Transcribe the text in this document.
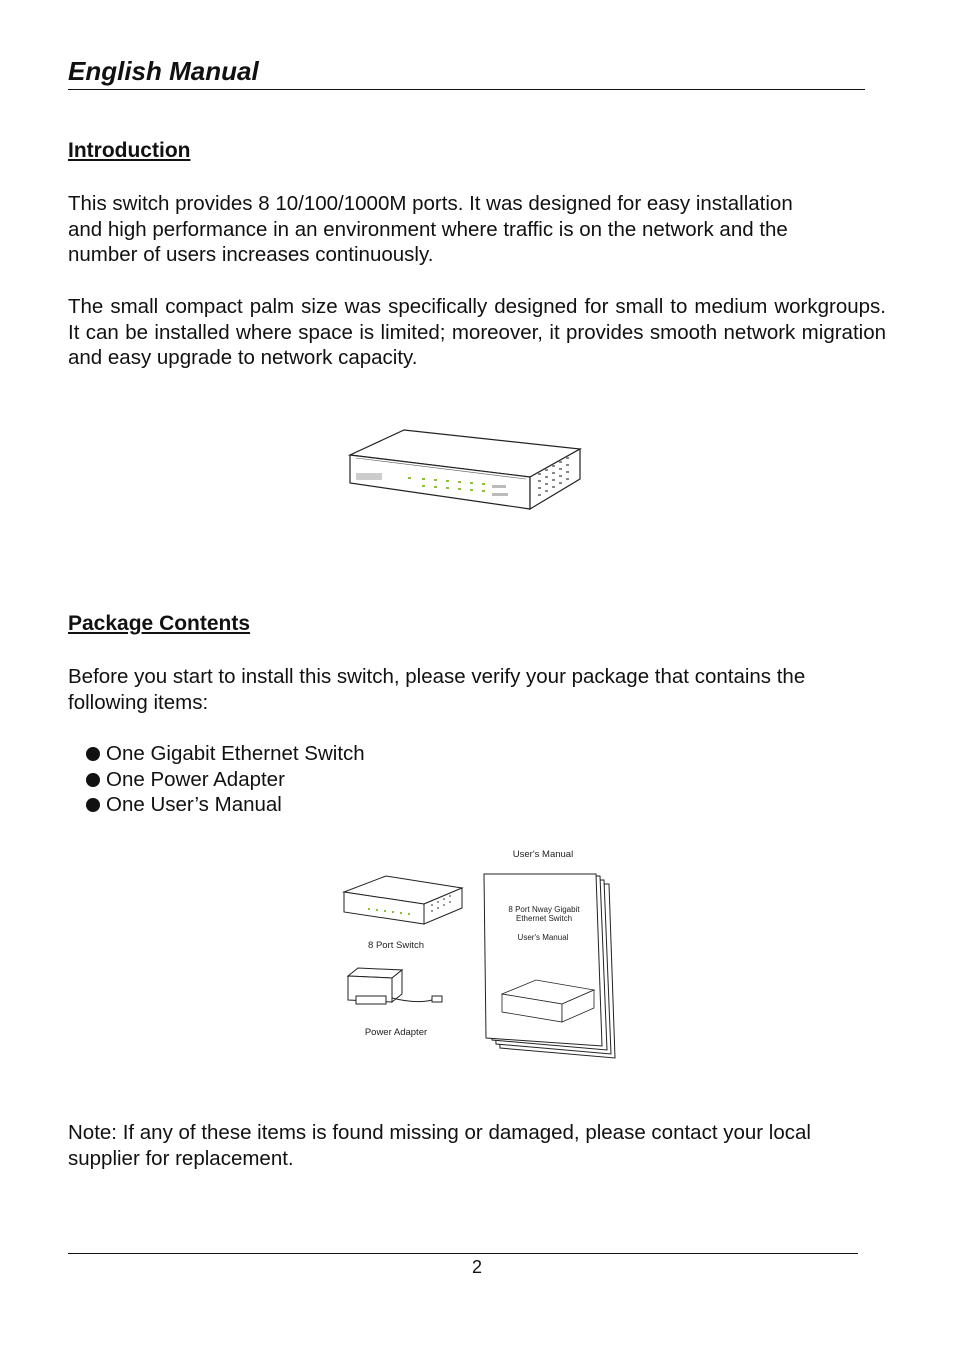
English Manual
Introduction
This switch provides 8 10/100/1000M ports. It was designed for easy installation
and high performance in an environment where traffic is on the network and the
number of users increases continuously.

The small compact palm size was specifically designed for small to medium workgroups. It can be installed where space is limited; moreover, it provides smooth network migration and easy upgrade to network capacity.

Package Contents
Before you start to install this switch, please verify your package that contains the
following items:
One Gigabit Ethernet Switch
One Power Adapter
One User’s Manual
User's Manual
8 Port Switch
Power Adapter
8 Port Nway Gigabit
Ethernet Switch
User's Manual
Note: If any of these items is found missing or damaged, please contact your local
supplier for replacement.
2
